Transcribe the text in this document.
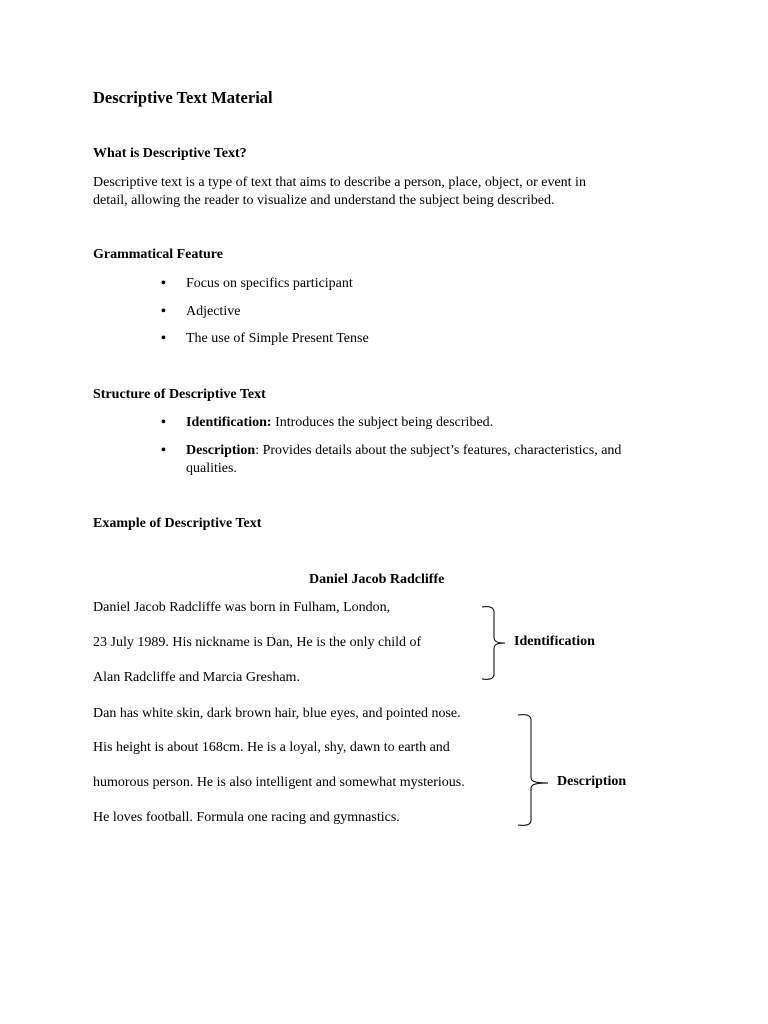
Descriptive Text Material
What is Descriptive Text?
Descriptive text is a type of text that aims to describe a person, place, object, or event in
detail, allowing the reader to visualize and understand the subject being described.
Grammatical Feature
• Focus on specifics participant
• Adjective
• The use of Simple Present Tense
Structure of Descriptive Text
• Identification: Introduces the subject being described.
• Description: Provides details about the subject’s features, characteristics, and
qualities.
Example of Descriptive Text
Daniel Jacob Radcliffe
Daniel Jacob Radcliffe was born in Fulham, London,
23 July 1989. His nickname is Dan, He is the only child of
Alan Radcliffe and Marcia Gresham.
Identification
Dan has white skin, dark brown hair, blue eyes, and pointed nose.
His height is about 168cm. He is a loyal, shy, dawn to earth and
humorous person. He is also intelligent and somewhat mysterious.
He loves football. Formula one racing and gymnastics.
Description
